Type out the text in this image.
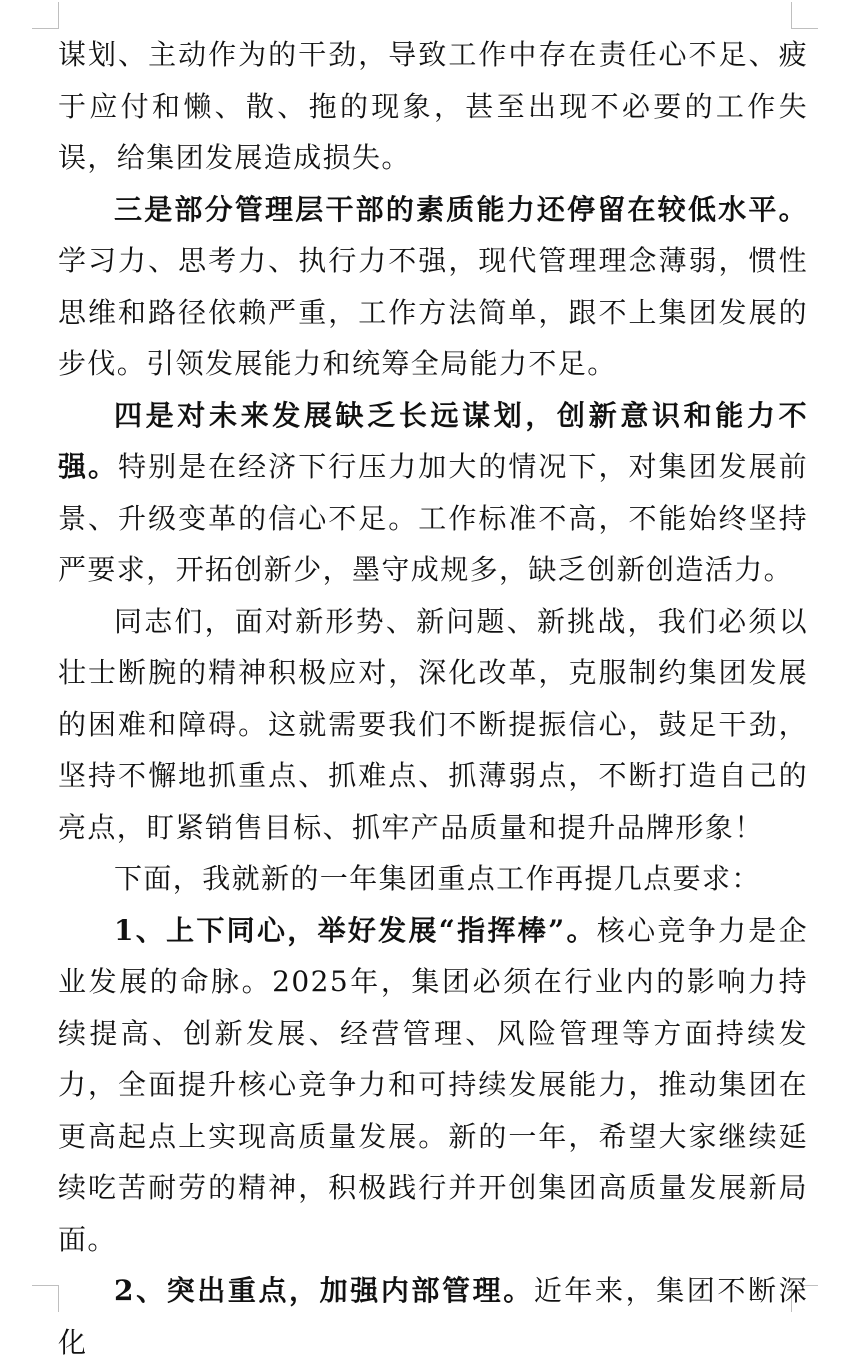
谋划、主动作为的干劲，导致工作中存在责任心不足、疲于应付和懒、散、拖的现象，甚至出现不必要的工作失误，给集团发展造成损失。

三是部分管理层干部的素质能力还停留在较低水平。学习力、思考力、执行力不强，现代管理理念薄弱，惯性思维和路径依赖严重，工作方法简单，跟不上集团发展的步伐。引领发展能力和统筹全局能力不足。

四是对未来发展缺乏长远谋划，创新意识和能力不强。特别是在经济下行压力加大的情况下，对集团发展前景、升级变革的信心不足。工作标准不高，不能始终坚持严要求，开拓创新少，墨守成规多，缺乏创新创造活力。

同志们，面对新形势、新问题、新挑战，我们必须以壮士断腕的精神积极应对，深化改革，克服制约集团发展的困难和障碍。这就需要我们不断提振信心，鼓足干劲，坚持不懈地抓重点、抓难点、抓薄弱点，不断打造自己的亮点，盯紧销售目标、抓牢产品质量和提升品牌形象！

下面，我就新的一年集团重点工作再提几点要求：

1、上下同心，举好发展“指挥棒”。核心竞争力是企业发展的命脉。2025年，集团必须在行业内的影响力持续提高、创新发展、经营管理、风险管理等方面持续发力，全面提升核心竞争力和可持续发展能力，推动集团在更高起点上实现高质量发展。新的一年，希望大家继续延续吃苦耐劳的精神，积极践行并开创集团高质量发展新局面。

2、突出重点，加强内部管理。近年来，集团不断深化
